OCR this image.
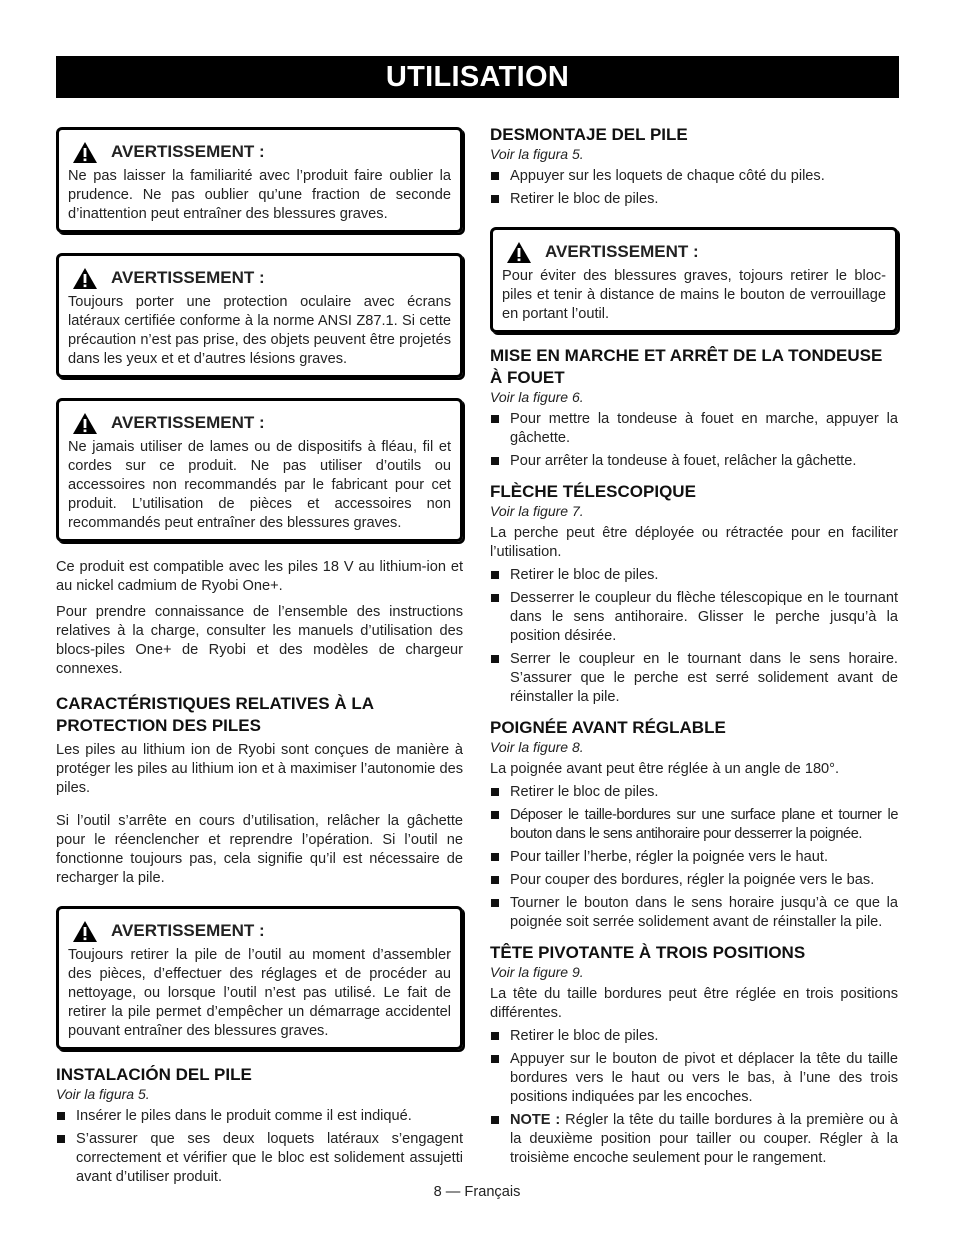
UTILISATION
AVERTISSEMENT :
Ne pas laisser la familiarité avec l’produit faire oublier la prudence. Ne pas oublier qu’une fraction de seconde d’inattention peut entraîner des blessures graves.
AVERTISSEMENT :
Toujours porter une protection oculaire avec écrans latéraux certifiée conforme à la norme ANSI Z87.1. Si cette précaution n’est pas prise, des objets peuvent être projetés dans les yeux et et d’autres lésions graves.
AVERTISSEMENT :
Ne jamais utiliser de lames ou de dispositifs à fléau, fil et cordes sur ce produit. Ne pas utiliser d’outils ou accessoires non recommandés par le fabricant pour cet produit. L’utilisation de pièces et accessoires non recommandés peut entraîner des blessures graves.

Ce produit est compatible avec les piles 18 V au lithium-ion et au nickel cadmium de Ryobi One+.

Pour prendre connaissance de l’ensemble des instructions relatives à la charge, consulter les manuels d’utilisation des blocs-piles One+ de Ryobi et des modèles de chargeur connexes.

CARACTÉRISTIQUES RELATIVES À LA PROTECTION DES PILES

Les piles au lithium ion de Ryobi sont conçues de manière à protéger les piles au lithium ion et à maximiser l’autonomie des piles.

Si l’outil s’arrête en cours d’utilisation, relâcher la gâchette pour le réenclencher et reprendre l’opération. Si l’outil ne fonctionne toujours pas, cela signifie qu’il est nécessaire de recharger la pile.

AVERTISSEMENT :
Toujours retirer la pile de l’outil au moment d’assembler des pièces, d’effectuer des réglages et de procéder au nettoyage, ou lorsque l’outil n’est pas utilisé. Le fait de retirer la pile permet d’empêcher un démarrage accidentel pouvant entraîner des blessures graves.
INSTALACIÓN DEL PILE
Voir la figura 5.
Insérer le piles dans le produit comme il est indiqué.
S’assurer que ses deux loquets latéraux s’engagent correctement et vérifier que le bloc est solidement assujetti avant d’utiliser produit.
DESMONTAJE DEL PILE
Voir la figura 5.
Appuyer sur les loquets de chaque côté du piles.
Retirer le bloc de piles.
AVERTISSEMENT :
Pour éviter des blessures graves, tojours retirer le bloc-piles et tenir à distance de mains le bouton de verrouillage en portant l’outil.
MISE EN MARCHE ET ARRÊT DE LA TONDEUSE À FOUET
Voir la figure 6.
Pour mettre la tondeuse à fouet en marche, appuyer la gâchette.
Pour arrêter la tondeuse à fouet, relâcher la gâchette.
FLÈCHE TÉLESCOPIQUE
Voir la figure 7.

La perche peut être déployée ou rétractée pour en faciliter l’utilisation.

Retirer le bloc de piles.
Desserrer le coupleur du flèche télescopique en le tournant dans le sens antihoraire. Glisser le perche jusqu’à la position désirée.
Serrer le coupleur en le tournant dans le sens horaire. S’assurer que le perche est serré solidement avant de réinstaller la pile.
POIGNÉE AVANT RÉGLABLE
Voir la figure 8.

La poignée avant peut être réglée à un angle de 180°.

Retirer le bloc de piles.
Déposer le taille-bordures sur une surface plane et tourner le bouton dans le sens antihoraire pour desserrer la poignée.
Pour tailler l’herbe, régler la poignée vers le haut.
Pour couper des bordures, régler la poignée vers le bas.
Tourner le bouton dans le sens horaire jusqu’à ce que la poignée soit serrée solidement avant de réinstaller la pile.
TÊTE PIVOTANTE À TROIS POSITIONS
Voir la figure 9.

La tête du taille bordures peut être réglée en trois positions différentes.

Retirer le bloc de piles.
Appuyer sur le bouton de pivot et déplacer la tête du taille bordures vers le haut ou vers le bas, à l’une des trois positions indiquées par les encoches.
NOTE : Régler la tête du taille bordures à la première ou à la deuxième position pour tailler ou couper. Régler à la troisième encoche seulement pour le rangement.
8 — Français
